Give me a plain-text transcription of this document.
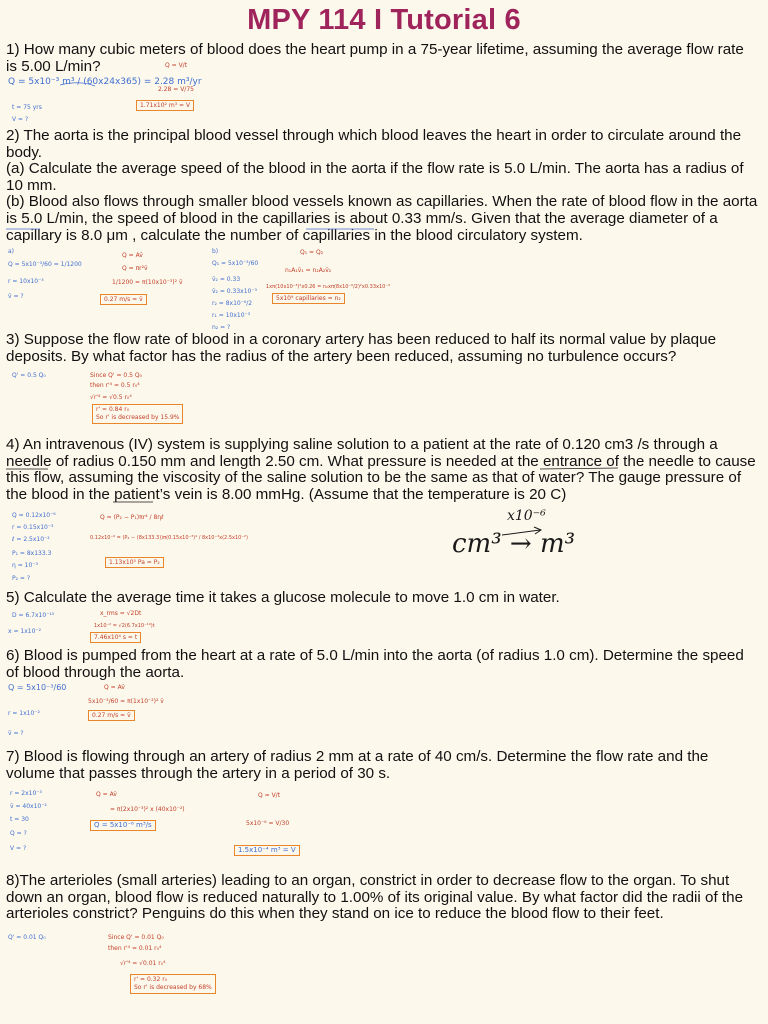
MPY 114 I Tutorial 6

1) How many cubic meters of blood does the heart pump in a 75-year lifetime, assuming the average flow rate is 5.00 L/min?

Q = 5x10⁻³ m³ / (60x24x365) = 2.28 m³/yr
Q = V/t
2.28 = V/75
t = 75 yrs
V = ?
1.71x10² m³ = V

2) The aorta is the principal blood vessel through which blood leaves the heart in order to circulate around the body.

(a) Calculate the average speed of the blood in the aorta if the flow rate is 5.0 L/min. The aorta has a radius of 10 mm.

(b) Blood also flows through smaller blood vessels known as capillaries. When the rate of blood flow in the aorta is 5.0 L/min, the speed of blood in the capillaries is about 0.33 mm/s. Given that the average diameter of a capillary is 8.0 μm , calculate the number of capillaries in the blood circulatory system.

a)
Q = 5x10⁻³/60 = 1/1200
r = 10x10⁻³
v̄ = ?
Q = Av̄
Q = πr²v̄
1/1200 = π(10x10⁻³)² v̄
0.27 m/s = v̄
b)
Q₁ = 5x10⁻³/60
v̄₂ = 0.33
v̄₂ = 0.33x10⁻³
r₂ = 8x10⁻⁶/2
r₁ = 10x10⁻³
n₂ = ?
Q₁ = Q₂
n₁A₁v̄₁ = n₂A₂v̄₂
1xπ(10x10⁻³)²x0.26 = n₂xπ(8x10⁻⁶/2)²x0.33x10⁻³
5x10⁹ capillaries = n₂

3) Suppose the flow rate of blood in a coronary artery has been reduced to half its normal value by plaque deposits. By what factor has the radius of the artery been reduced, assuming no turbulence occurs?

Q' = 0.5 Q₀	Since Q' = 0.5 Q₀
then r'⁴ = 0.5 r₀⁴
√r'⁴ = √0.5 r₀⁴
r' = 0.84 r₀
So r' is decreased by 15.9%

4) An intravenous (IV) system is supplying saline solution to a patient at the rate of 0.120 cm3 /s through a needle of radius 0.150 mm and length 2.50 cm. What pressure is needed at the entrance of the needle to cause this flow, assuming the viscosity of the saline solution to be the same as that of water? The gauge pressure of the blood in the patient’s vein is 8.00 mmHg. (Assume that the temperature is 20 C)

Q = 0.12x10⁻⁶
r = 0.15x10⁻³
ℓ = 2.5x10⁻²
P₁ = 8x133.3
η = 10⁻³
P₂ = ?
Q = (P₂ − P₁)πr⁴ / 8ηℓ
0.12x10⁻⁶ = (P₂ − (8x133.3))π(0.15x10⁻³)⁴ / 8x10⁻³x(2.5x10⁻²)
1.13x10⁵ Pa = P₂
cm³ → m³
x10⁻⁶

5) Calculate the average time it takes a glucose molecule to move 1.0 cm in water.

D = 6.7x10⁻¹⁰
x = 1x10⁻²
x_rms = √2Dt
1x10⁻² = √2(6.7x10⁻¹⁰)t
7.46x10⁴ s = t

6) Blood is pumped from the heart at a rate of 5.0 L/min into the aorta (of radius 1.0 cm). Determine the speed of blood through the aorta.

Q = 5x10⁻³/60
r = 1x10⁻²
v̄ = ?
Q = Av̄
5x10⁻³/60 = π(1x10⁻²)² v̄
0.27 m/s = v̄

7) Blood is flowing through an artery of radius 2 mm at a rate of 40 cm/s. Determine the flow rate and the volume that passes through the artery in a period of 30 s.

r = 2x10⁻³
v̄ = 40x10⁻²
t = 30
Q = ?
V = ?
Q = Av̄
= π(2x10⁻³)² x (40x10⁻²)
Q = 5x10⁻⁶ m³/s
Q = V/t
5x10⁻⁶ = V/30
1.5x10⁻⁴ m³ = V

8)The arterioles (small arteries) leading to an organ, constrict in order to decrease flow to the organ. To shut down an organ, blood flow is reduced naturally to 1.00% of its original value. By what factor did the radii of the arterioles constrict? Penguins do this when they stand on ice to reduce the blood flow to their feet.

Q' = 0.01 Q₀	Since Q' = 0.01 Q₀
then r'⁴ = 0.01 r₀⁴
√r'⁴ = √0.01 r₀⁴
r' = 0.32 r₀
So r' is decreased by 68%
